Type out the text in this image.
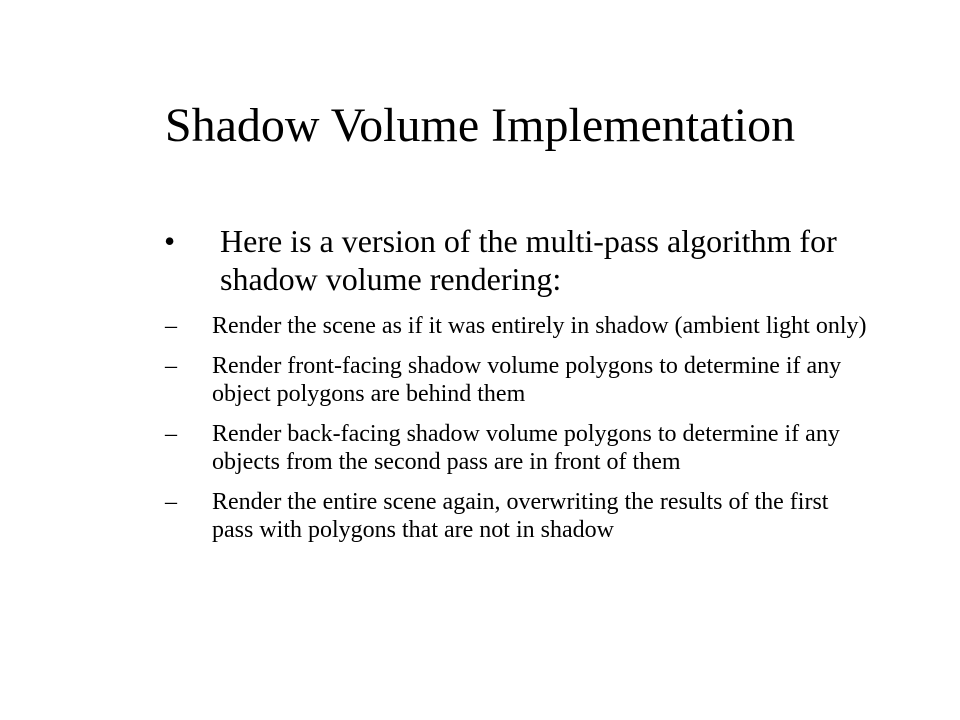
Shadow Volume Implementation
• Here is a version of the multi-pass algorithm for shadow volume rendering:
– Render the scene as if it was entirely in shadow (ambient light only)
– Render front-facing shadow volume polygons to determine if any object polygons are behind them
– Render back-facing shadow volume polygons to determine if any objects from the second pass are in front of them
– Render the entire scene again, overwriting the results of the first pass with polygons that are not in shadow
